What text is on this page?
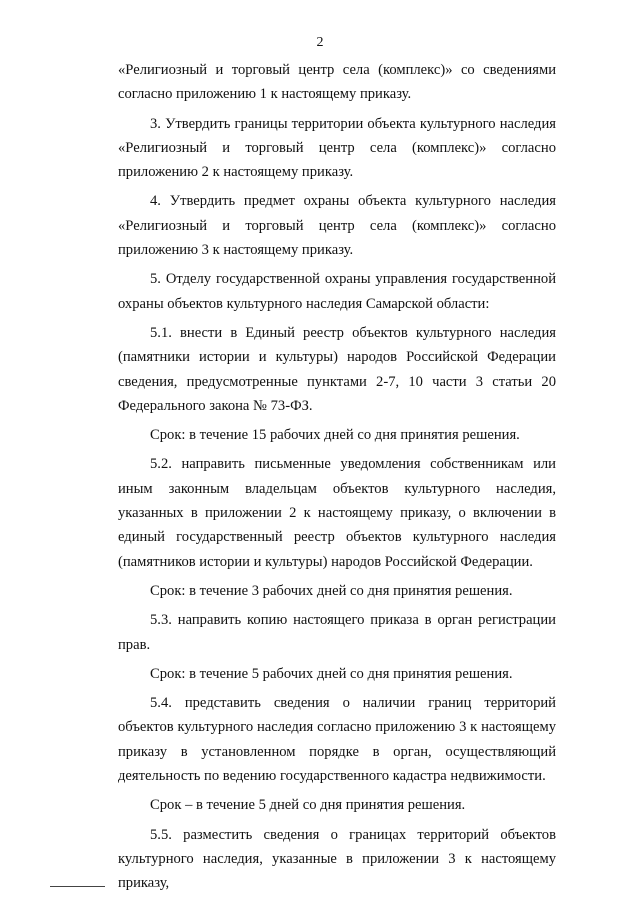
2

«Религиозный и торговый центр села (комплекс)» со сведениями согласно приложению 1 к настоящему приказу.

3. Утвердить границы территории объекта культурного наследия «Религиозный и торговый центр села (комплекс)» согласно приложению 2 к настоящему приказу.

4. Утвердить предмет охраны объекта культурного наследия «Религиозный и торговый центр села (комплекс)» согласно приложению 3 к настоящему приказу.

5. Отделу государственной охраны управления государственной охраны объектов культурного наследия Самарской области:

5.1. внести в Единый реестр объектов культурного наследия (памятники истории и культуры) народов Российской Федерации сведения, предусмотренные пунктами 2-7, 10 части 3 статьи 20 Федерального закона № 73-ФЗ.

Срок: в течение 15 рабочих дней со дня принятия решения.

5.2. направить письменные уведомления собственникам или иным законным владельцам объектов культурного наследия, указанных в приложении 2 к настоящему приказу, о включении в единый государственный реестр объектов культурного наследия (памятников истории и культуры) народов Российской Федерации.

Срок: в течение 3 рабочих дней со дня принятия решения.

5.3. направить копию настоящего приказа в орган регистрации прав.

Срок: в течение 5 рабочих дней со дня принятия решения.

5.4. представить сведения о наличии границ территорий объектов культурного наследия согласно приложению 3 к настоящему приказу в установленном порядке в орган, осуществляющий деятельность по ведению государственного кадастра недвижимости.

Срок – в течение 5 дней со дня принятия решения.

5.5. разместить сведения о границах территорий объектов культурного наследия, указанные в приложении 3 к настоящему приказу,
